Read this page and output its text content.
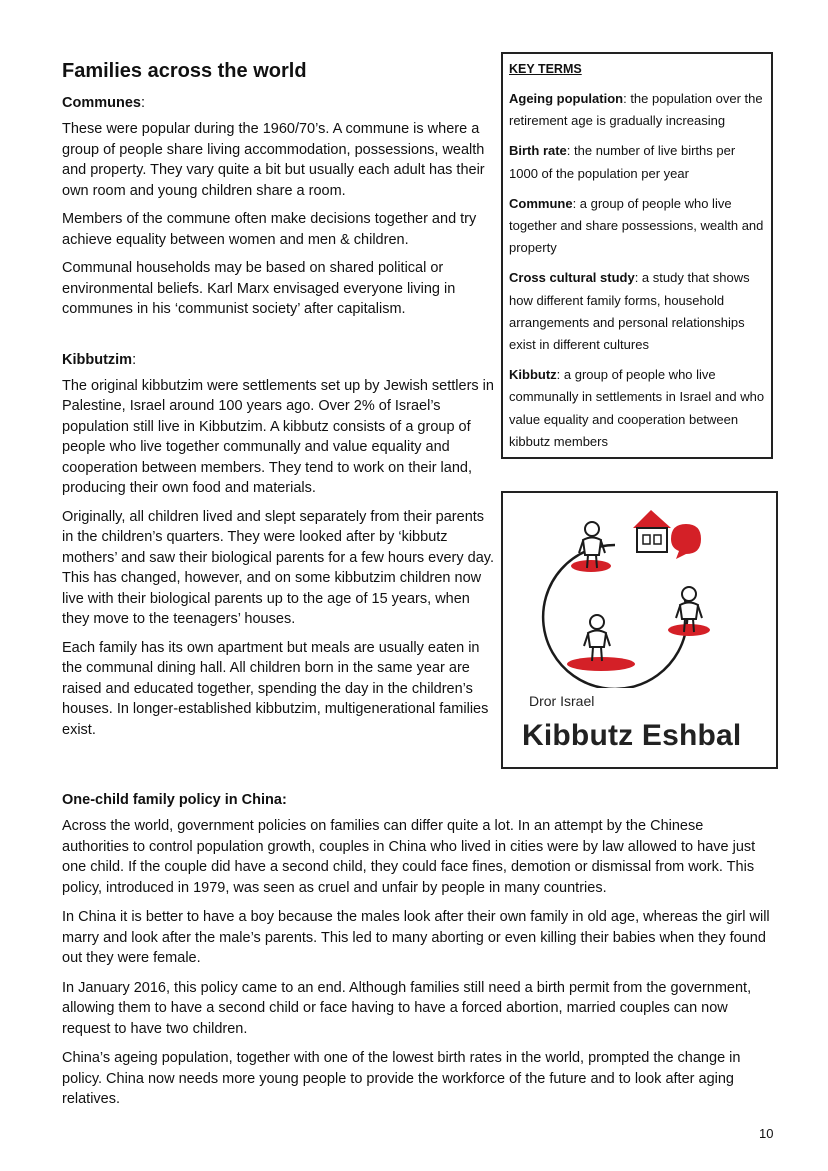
Families across the world
Communes:

These were popular during the 1960/70’s. A commune is where a group of people share living accommodation, possessions, wealth and property. They vary quite a bit but usually each adult has their own room and young children share a room.

Members of the commune often make decisions together and try achieve equality between women and men & children.

Communal households may be based on shared political or environmental beliefs. Karl Marx envisaged everyone living in communes in his ‘communist society’ after capitalism.

Kibbutzim:

The original kibbutzim were settlements set up by Jewish settlers in Palestine, Israel around 100 years ago. Over 2% of Israel’s population still live in Kibbutzim. A kibbutz consists of a group of people who live together communally and value equality and cooperation between members. They tend to work on their land, producing their own food and materials.

Originally, all children lived and slept separately from their parents in the children’s quarters. They were looked after by ‘kibbutz mothers’ and saw their biological parents for a few hours every day. This has changed, however, and on some kibbutzim children now live with their biological parents up to the age of 15 years, when they move to the teenagers’ houses.

Each family has its own apartment but meals are usually eaten in the communal dining hall. All children born in the same year are raised and educated together, spending the day in the children’s houses. In longer-established kibbutzim, multigenerational families exist.

KEY TERMS
Ageing population: the population over the retirement age is gradually increasing
Birth rate: the number of live births per 1000 of the population per year
Commune: a group of people who live together and share possessions, wealth and property
Cross cultural study: a study that shows how different family forms, household arrangements and personal relationships exist in different cultures
Kibbutz: a group of people who live communally in settlements in Israel and who value equality and cooperation between kibbutz members
Dror Israel
Kibbutz Eshbal
One-child family policy in China:

Across the world, government policies on families can differ quite a lot. In an attempt by the Chinese authorities to control population growth, couples in China who lived in cities were by law allowed to have just one child. If the couple did have a second child, they could face fines, demotion or dismissal from work. This policy, introduced in 1979, was seen as cruel and unfair by people in many countries.

In China it is better to have a boy because the males look after their own family in old age, whereas the girl will marry and look after the male’s parents. This led to many aborting or even killing their babies when they found out they were female.

In January 2016, this policy came to an end. Although families still need a birth permit from the government, allowing them to have a second child or face having to have a forced abortion, married couples can now request to have two children.

China’s ageing population, together with one of the lowest birth rates in the world, prompted the change in policy. China now needs more young people to provide the workforce of the future and to look after aging relatives.

10
